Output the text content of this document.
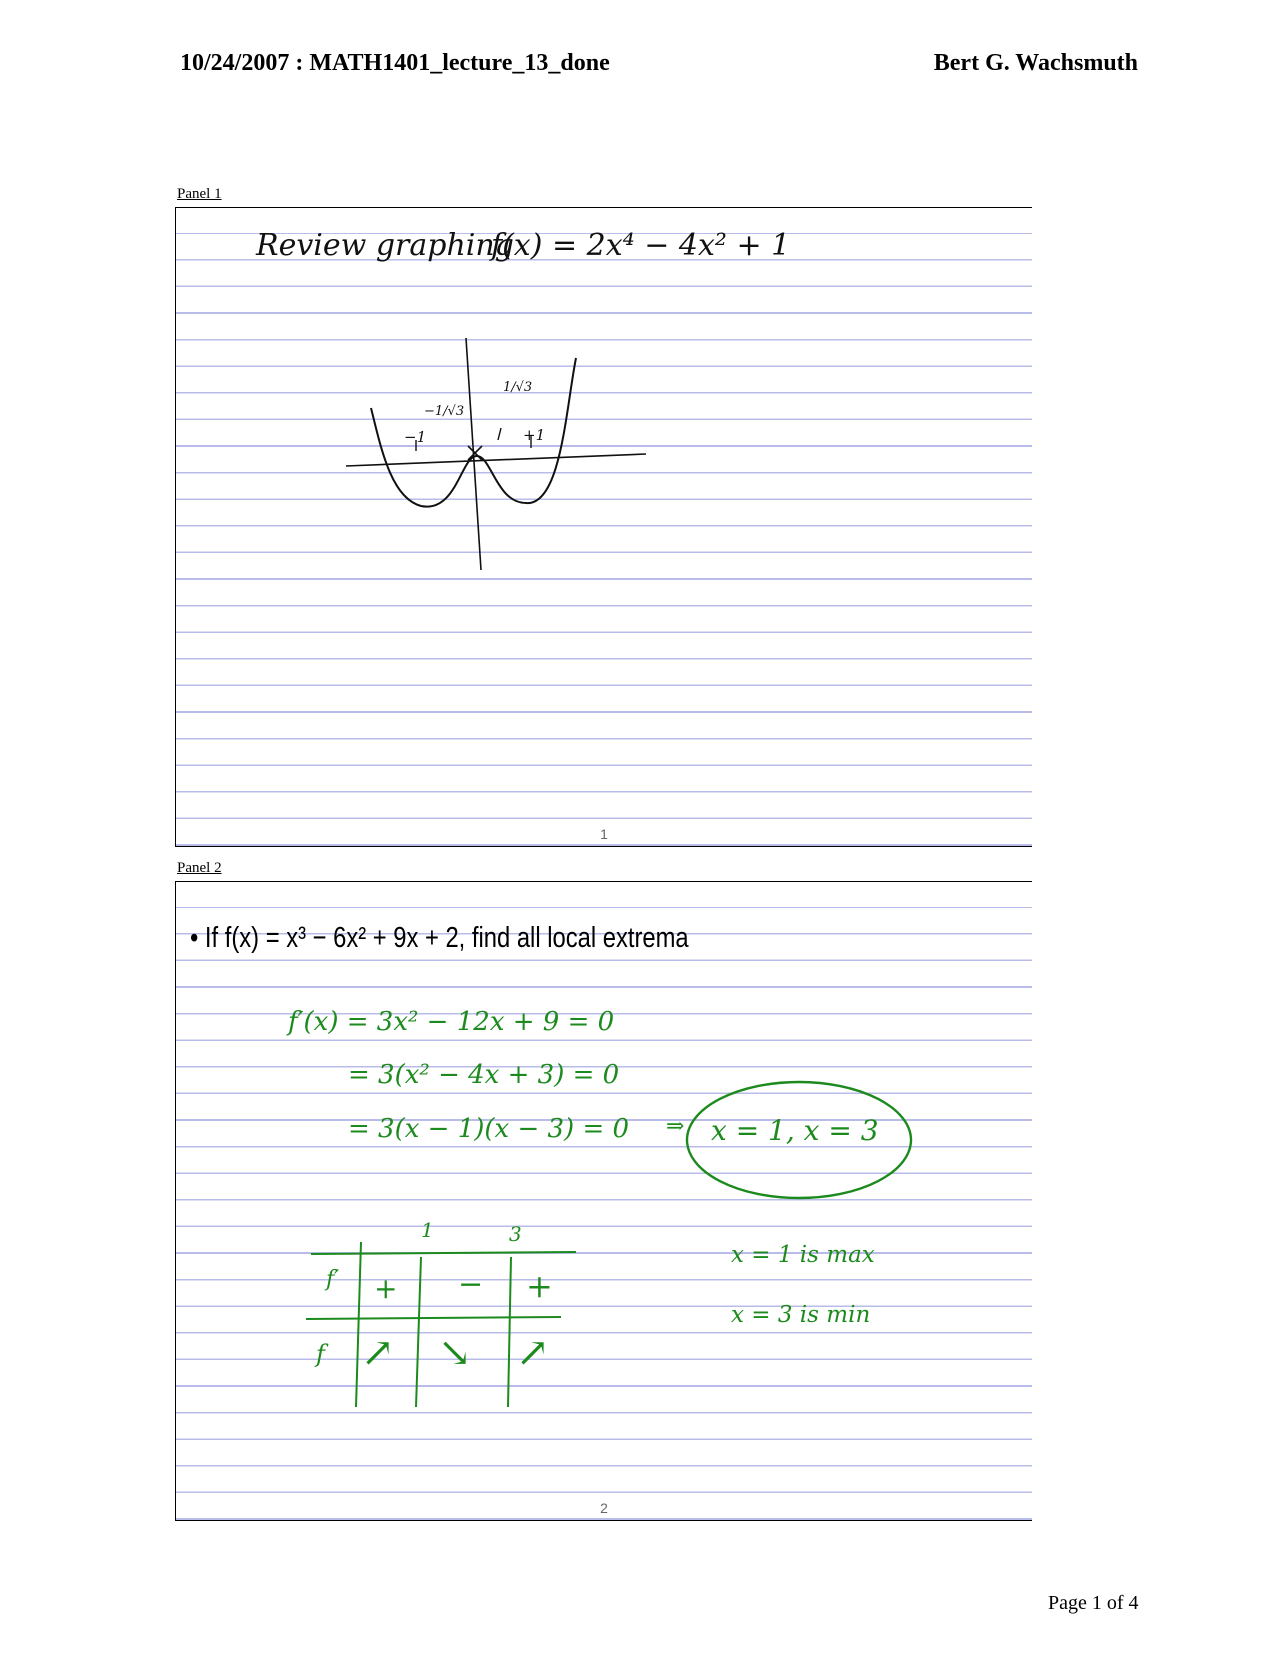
10/24/2007 : MATH1401_lecture_13_done	Bert G. Wachsmuth
Panel 1
Review graphing
f(x) = 2x⁴ − 4x² + 1
−1
−1/√3
1/√3
+1
1
Panel 2
• If f(x) = x³ − 6x² + 9x + 2, find all local extrema
f′(x) = 3x² − 12x + 9 = 0
= 3(x² − 4x + 3) = 0
= 3(x − 1)(x − 3) = 0 ⇒ x = 1, x = 3
1	3
f′
f
+ − +
↗ ↘ ↗
x = 1 is max
x = 3 is min
2
Page 1 of 4
